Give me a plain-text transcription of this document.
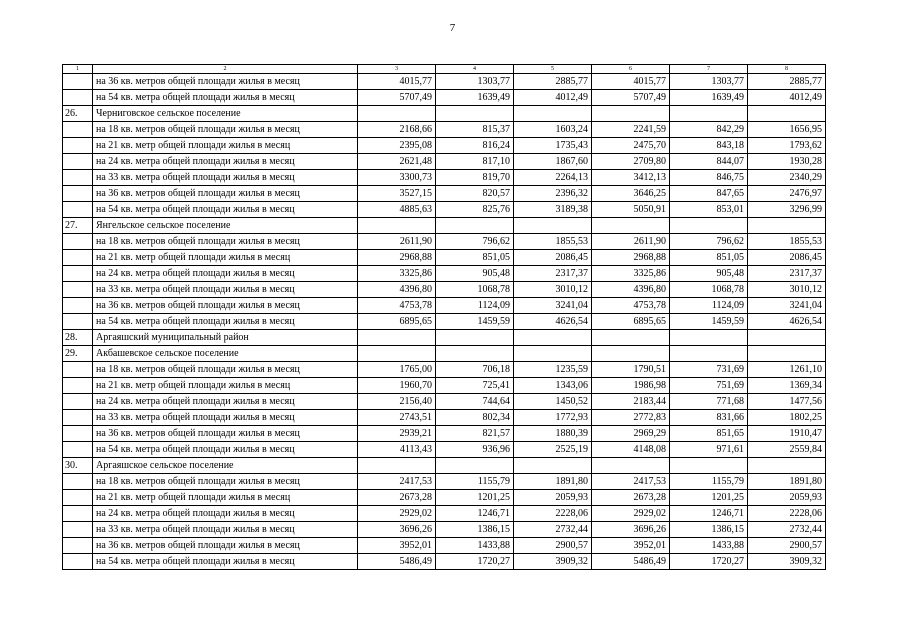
7
1	2	3	4	5	6	7	8
	на 36 кв. метров общей площади жилья в месяц	4015,77	1303,77	2885,77	4015,77	1303,77	2885,77
	на 54 кв. метра общей площади жилья в месяц	5707,49	1639,49	4012,49	5707,49	1639,49	4012,49
26.	Черниговское сельское поселение						
	на 18 кв. метров общей площади жилья в месяц	2168,66	815,37	1603,24	2241,59	842,29	1656,95
	на 21 кв. метр общей площади жилья в месяц	2395,08	816,24	1735,43	2475,70	843,18	1793,62
	на 24 кв. метра общей площади жилья в месяц	2621,48	817,10	1867,60	2709,80	844,07	1930,28
	на 33 кв. метра общей площади жилья в месяц	3300,73	819,70	2264,13	3412,13	846,75	2340,29
	на 36 кв. метров общей площади жилья в месяц	3527,15	820,57	2396,32	3646,25	847,65	2476,97
	на 54 кв. метра общей площади жилья в месяц	4885,63	825,76	3189,38	5050,91	853,01	3296,99
27.	Янгельское сельское поселение						
	на 18 кв. метров общей площади жилья в месяц	2611,90	796,62	1855,53	2611,90	796,62	1855,53
	на 21 кв. метр общей площади жилья в месяц	2968,88	851,05	2086,45	2968,88	851,05	2086,45
	на 24 кв. метра общей площади жилья в месяц	3325,86	905,48	2317,37	3325,86	905,48	2317,37
	на 33 кв. метра общей площади жилья в месяц	4396,80	1068,78	3010,12	4396,80	1068,78	3010,12
	на 36 кв. метров общей площади жилья в месяц	4753,78	1124,09	3241,04	4753,78	1124,09	3241,04
	на 54 кв. метра общей площади жилья в месяц	6895,65	1459,59	4626,54	6895,65	1459,59	4626,54
28.	Аргаяшский муниципальный район						
29.	Акбашевское сельское поселение						
	на 18 кв. метров общей площади жилья в месяц	1765,00	706,18	1235,59	1790,51	731,69	1261,10
	на 21 кв. метр общей площади жилья в месяц	1960,70	725,41	1343,06	1986,98	751,69	1369,34
	на 24 кв. метра общей площади жилья в месяц	2156,40	744,64	1450,52	2183,44	771,68	1477,56
	на 33 кв. метра общей площади жилья в месяц	2743,51	802,34	1772,93	2772,83	831,66	1802,25
	на 36 кв. метров общей площади жилья в месяц	2939,21	821,57	1880,39	2969,29	851,65	1910,47
	на 54 кв. метра общей площади жилья в месяц	4113,43	936,96	2525,19	4148,08	971,61	2559,84
30.	Аргаяшское сельское поселение						
	на 18 кв. метров общей площади жилья в месяц	2417,53	1155,79	1891,80	2417,53	1155,79	1891,80
	на 21 кв. метр общей площади жилья в месяц	2673,28	1201,25	2059,93	2673,28	1201,25	2059,93
	на 24 кв. метра общей площади жилья в месяц	2929,02	1246,71	2228,06	2929,02	1246,71	2228,06
	на 33 кв. метра общей площади жилья в месяц	3696,26	1386,15	2732,44	3696,26	1386,15	2732,44
	на 36 кв. метров общей площади жилья в месяц	3952,01	1433,88	2900,57	3952,01	1433,88	2900,57
	на 54 кв. метра общей площади жилья в месяц	5486,49	1720,27	3909,32	5486,49	1720,27	3909,32
